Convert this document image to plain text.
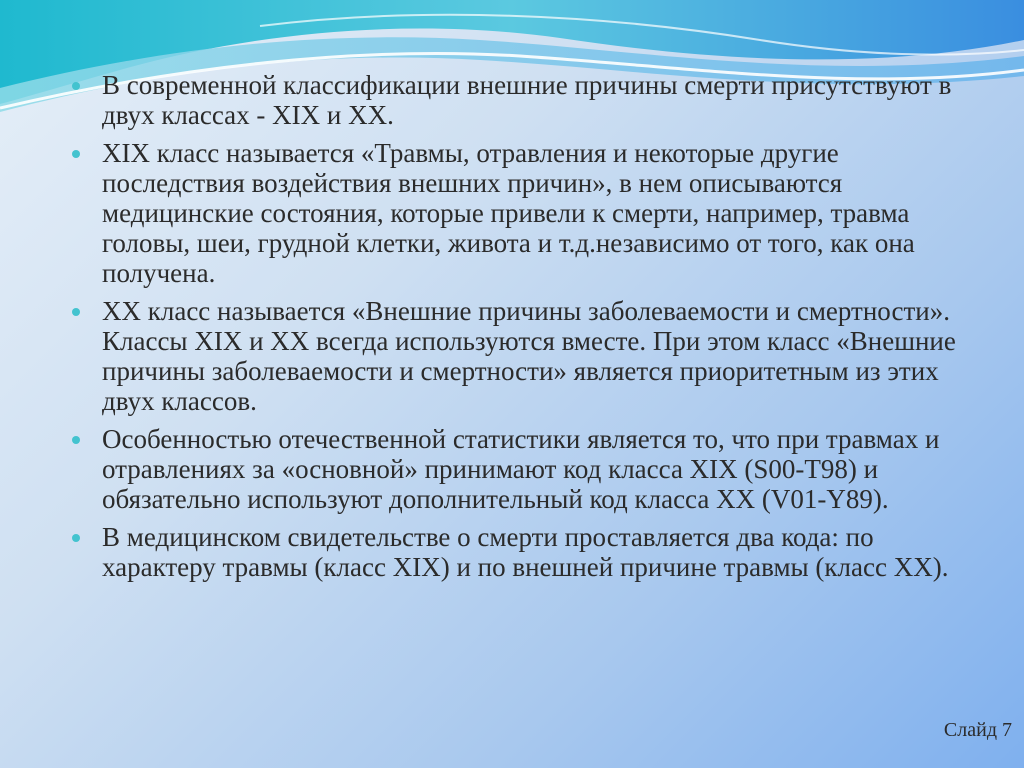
В современной классификации внешние причины смерти присутствуют в двух классах - XIX и XX.
XIX класс называется «Травмы, отравления и некоторые другие последствия воздействия внешних причин», в нем описываются медицинские состояния, которые привели к смерти, например, травма головы, шеи, грудной клетки, живота и т.д.независимо от того, как она получена.
XX класс называется «Внешние причины заболеваемости и смертности». Классы XIX и XX всегда используются вместе. При этом класс «Внешние причины заболеваемости и смертности» является приоритетным из этих двух классов.
Особенностью отечественной статистики является то, что при травмах и отравлениях за «основной» принимают код класса XIX (S00-T98) и обязательно используют дополнительный код класса XX (V01-Y89).
В медицинском свидетельстве о смерти проставляется два кода: по характеру травмы (класс XIX) и по внешней причине травмы (класс XX).
Слайд 7
